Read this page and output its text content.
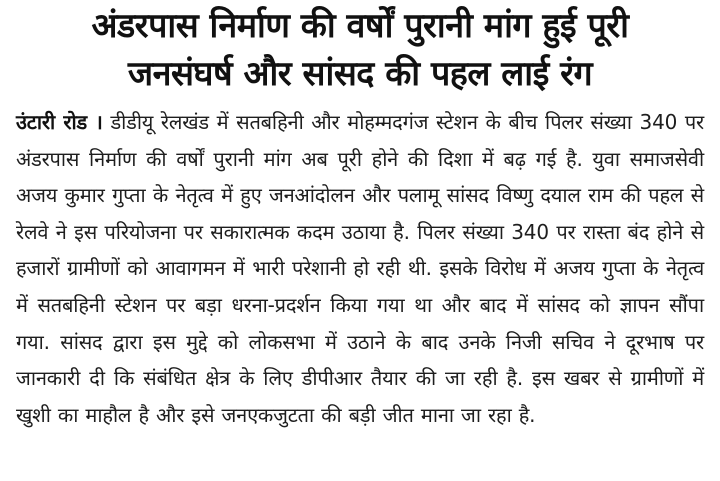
अंडरपास निर्माण की वर्षों पुरानी मांग हुई पूरी
जनसंघर्ष और सांसद की पहल लाई रंग

उंटारी रोड । डीडीयू रेलखंड में सतबहिनी और मोहम्मदगंज स्टेशन के बीच पिलर संख्या 340 पर अंडरपास निर्माण की वर्षों पुरानी मांग अब पूरी होने की दिशा में बढ़ गई है. युवा समाजसेवी अजय कुमार गुप्ता के नेतृत्व में हुए जनआंदोलन और पलामू सांसद विष्णु दयाल राम की पहल से रेलवे ने इस परियोजना पर सकारात्मक कदम उठाया है. पिलर संख्या 340 पर रास्ता बंद होने से हजारों ग्रामीणों को आवागमन में भारी परेशानी हो रही थी. इसके विरोध में अजय गुप्ता के नेतृत्व में सतबहिनी स्टेशन पर बड़ा धरना-प्रदर्शन किया गया था और बाद में सांसद को ज्ञापन सौंपा गया. सांसद द्वारा इस मुद्दे को लोकसभा में उठाने के बाद उनके निजी सचिव ने दूरभाष पर जानकारी दी कि संबंधित क्षेत्र के लिए डीपीआर तैयार की जा रही है. इस खबर से ग्रामीणों में खुशी का माहौल है और इसे जनएकजुटता की बड़ी जीत माना जा रहा है.
